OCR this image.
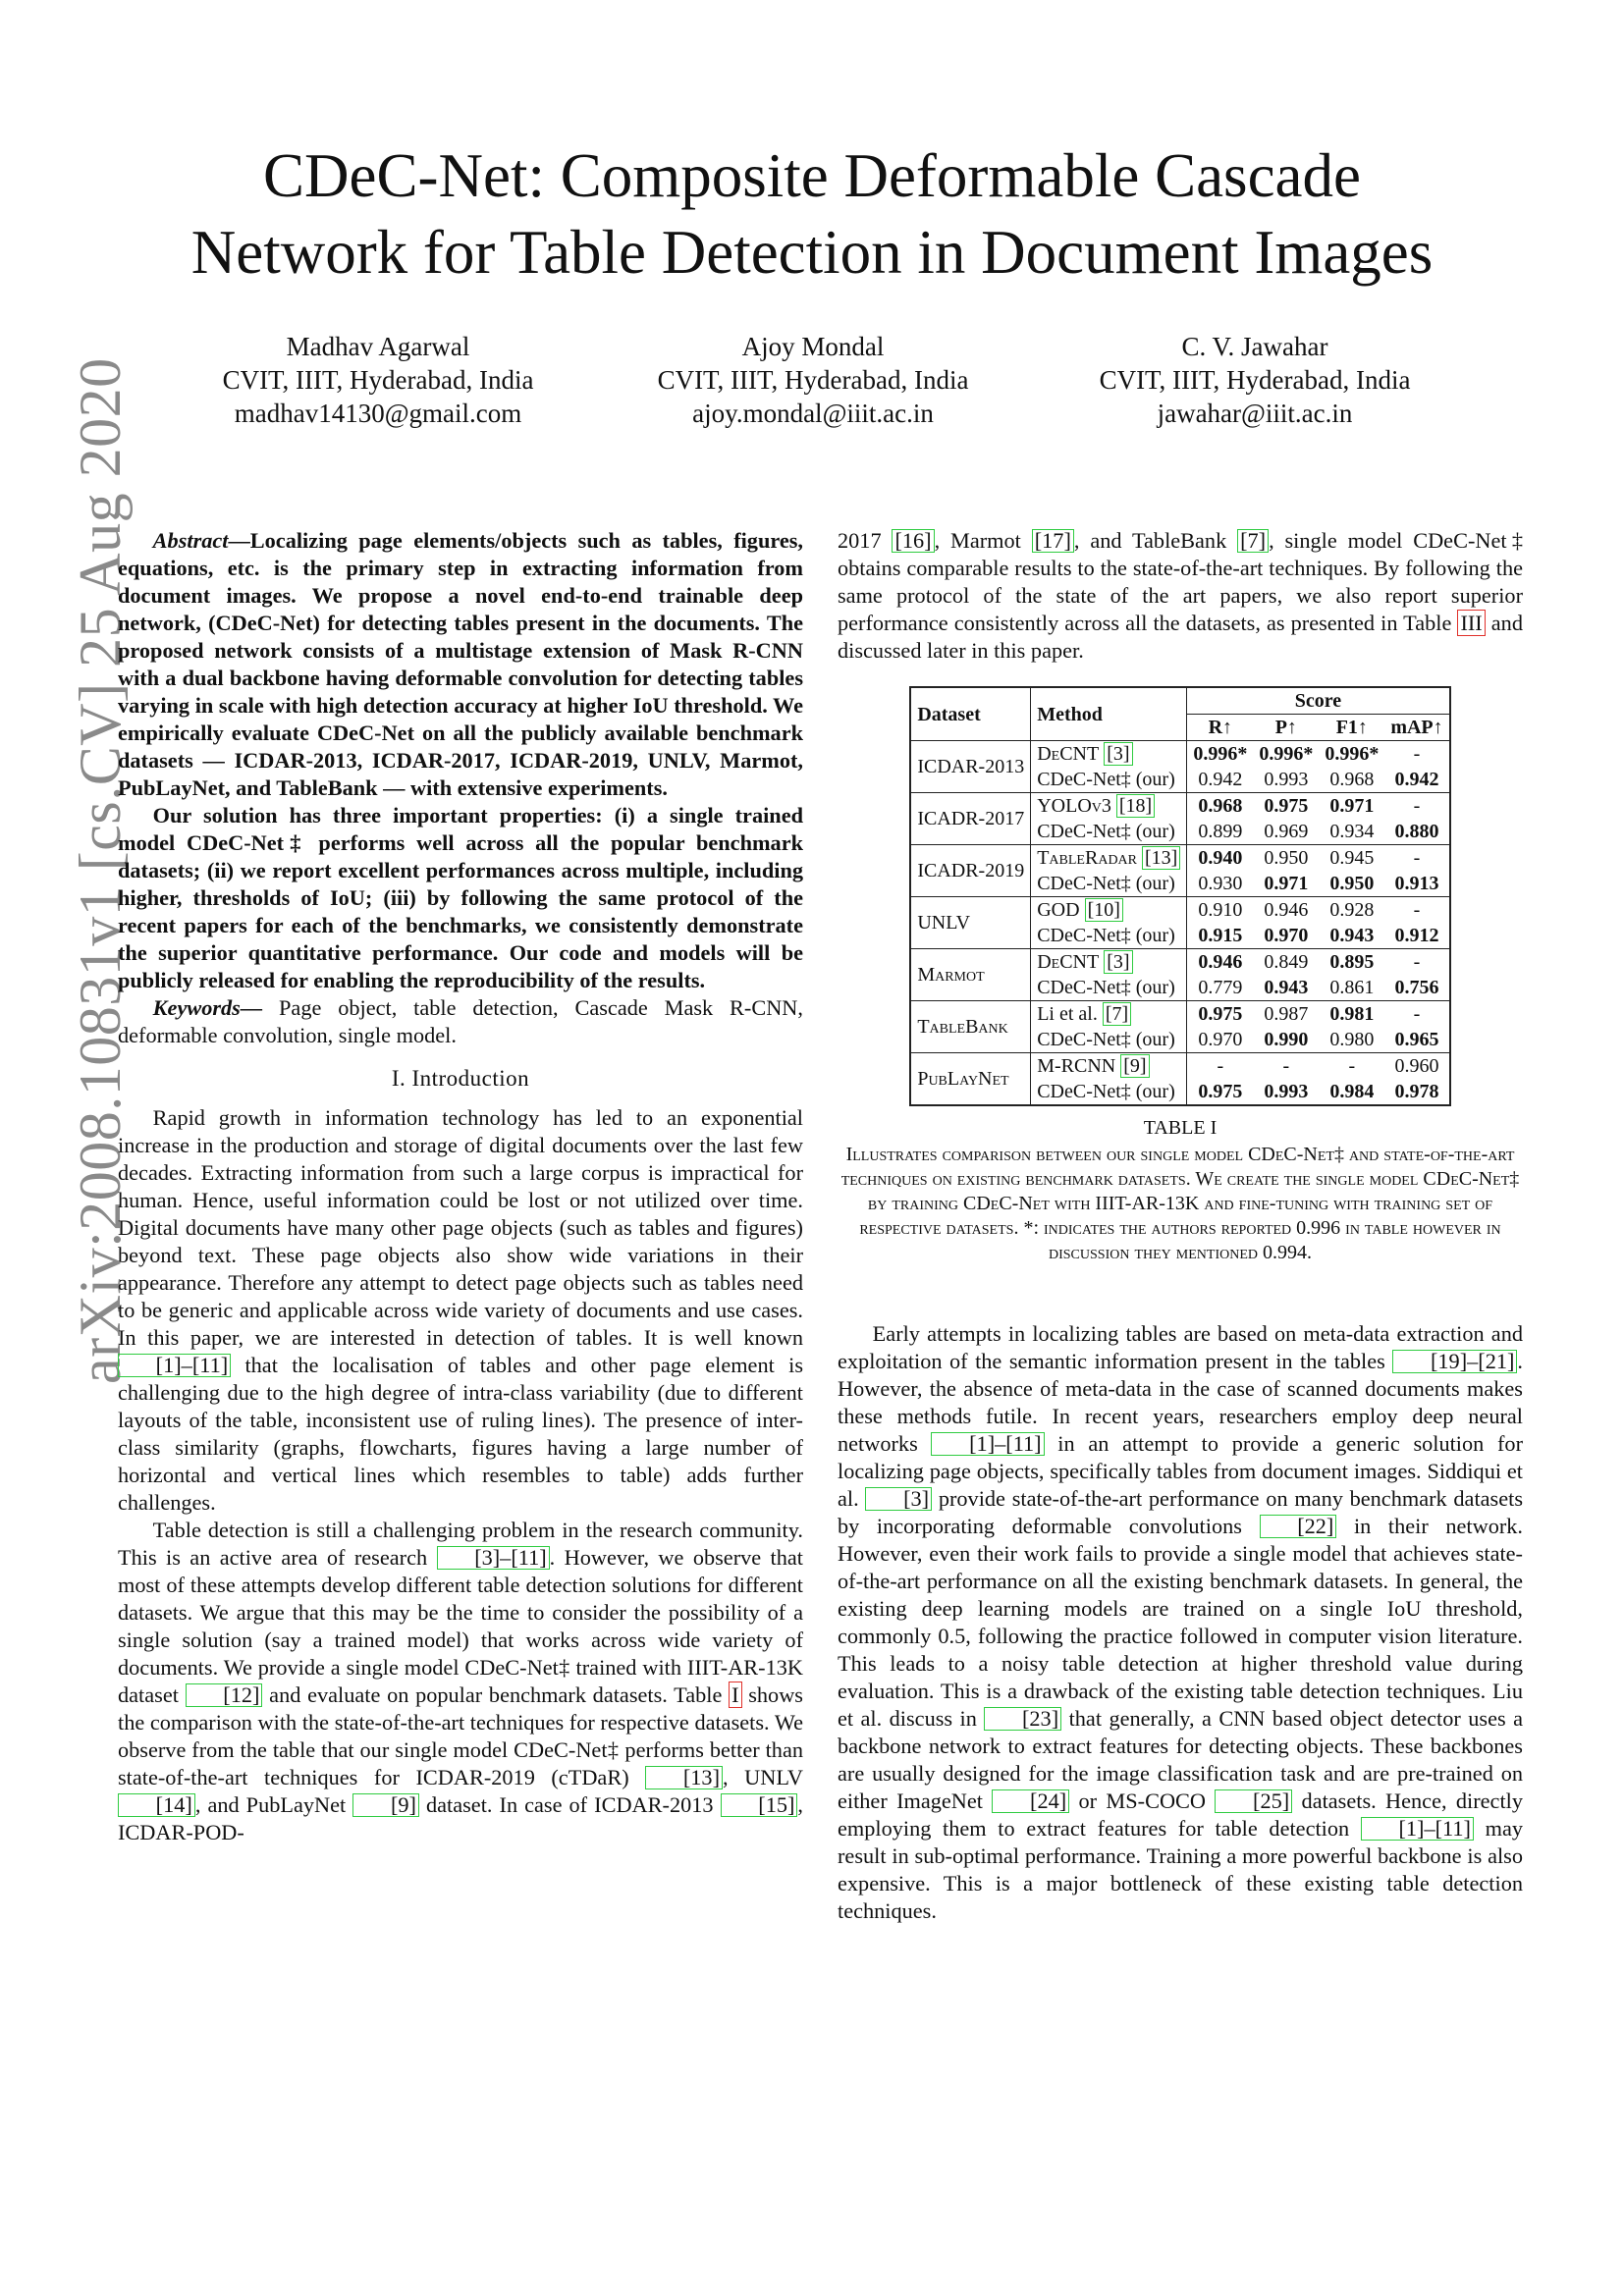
arXiv:2008.10831v1 [cs.CV] 25 Aug 2020
CDeC-Net: Composite Deformable Cascade
Network for Table Detection in Document Images
Madhav Agarwal
CVIT, IIIT, Hyderabad, India
madhav14130@gmail.com
Ajoy Mondal
CVIT, IIIT, Hyderabad, India
ajoy.mondal@iiit.ac.in
C. V. Jawahar
CVIT, IIIT, Hyderabad, India
jawahar@iiit.ac.in

Abstract—Localizing page elements/objects such as tables, figures, equations, etc. is the primary step in extracting information from document images. We propose a novel end-to-end trainable deep network, (CDeC-Net) for detecting tables present in the documents. The proposed network consists of a multistage extension of Mask R-CNN with a dual backbone having deformable convolution for detecting tables varying in scale with high detection accuracy at higher IoU threshold. We empirically evaluate CDeC-Net on all the publicly available benchmark datasets — ICDAR-2013, ICDAR-2017, ICDAR-2019, UNLV, Marmot, PubLayNet, and TableBank — with extensive experiments.

Our solution has three important properties: (i) a single trained model CDeC-Net‡ performs well across all the popular benchmark datasets; (ii) we report excellent performances across multiple, including higher, thresholds of IoU; (iii) by following the same protocol of the recent papers for each of the benchmarks, we consistently demonstrate the superior quantitative performance. Our code and models will be publicly released for enabling the reproducibility of the results.

Keywords— Page object, table detection, Cascade Mask R-CNN, deformable convolution, single model.

I. Introduction

Rapid growth in information technology has led to an exponential increase in the production and storage of digital documents over the last few decades. Extracting information from such a large corpus is impractical for human. Hence, useful information could be lost or not utilized over time. Digital documents have many other page objects (such as tables and figures) beyond text. These page objects also show wide variations in their appearance. Therefore any attempt to detect page objects such as tables need to be generic and applicable across wide variety of documents and use cases. In this paper, we are interested in detection of tables. It is well known [1]–[11] that the localisation of tables and other page element is challenging due to the high degree of intra-class variability (due to different layouts of the table, inconsistent use of ruling lines). The presence of inter-class similarity (graphs, flowcharts, figures having a large number of horizontal and vertical lines which resembles to table) adds further challenges.

Table detection is still a challenging problem in the research community. This is an active area of research [3]–[11] . However, we observe that most of these attempts develop different table detection solutions for different datasets. We argue that this may be the time to consider the possibility of a single solution (say a trained model) that works across wide variety of documents. We provide a single model CDeC-Net‡ trained with IIIT-AR-13K dataset [12] and evaluate on popular benchmark datasets. Table I shows the comparison with the state-of-the-art techniques for respective datasets. We observe from the table that our single model CDeC-Net‡ performs better than state-of-the-art techniques for ICDAR-2019 (cTDaR) [13] , UNLV [14] , and PubLayNet [9] dataset. In case of ICDAR-2013 [15] , ICDAR-POD-

2017 [16] , Marmot [17] , and TableBank [7] , single model CDeC-Net‡ obtains comparable results to the state-of-the-art techniques. By following the same protocol of the state of the art papers, we also report superior performance consistently across all the datasets, as presented in Table III and discussed later in this paper.

Dataset	Method	Score			
		R↑	P↑	F1↑	mAP↑
ICDAR-2013	DeCNT [3]	0.996*	0.996*	0.996*	-
	CDeC-Net‡ (our)	0.942	0.993	0.968	0.942
ICADR-2017	YOLOv3 [18]	0.968	0.975	0.971	-
	CDeC-Net‡ (our)	0.899	0.969	0.934	0.880
ICADR-2019	TableRadar [13]	0.940	0.950	0.945	-
	CDeC-Net‡ (our)	0.930	0.971	0.950	0.913
UNLV	GOD [10]	0.910	0.946	0.928	-
	CDeC-Net‡ (our)	0.915	0.970	0.943	0.912
Marmot	DeCNT [3]	0.946	0.849	0.895	-
	CDeC-Net‡ (our)	0.779	0.943	0.861	0.756
TableBank	Li et al. [7]	0.975	0.987	0.981	-
	CDeC-Net‡ (our)	0.970	0.990	0.980	0.965
PubLayNet	M-RCNN [9]	-	-	-	0.960
	CDeC-Net‡ (our)	0.975	0.993	0.984	0.978
TABLE I
Illustrates comparison between our single model CDeC-Net‡ and state-of-the-art techniques on existing benchmark datasets. We create the single model CDeC-Net‡ by training CDeC-Net with IIIT-AR-13K and fine-tuning with training set of respective datasets. *: indicates the authors reported 0.996 in table however in discussion they mentioned 0.994.

Early attempts in localizing tables are based on meta-data extraction and exploitation of the semantic information present in the tables [19]–[21] . However, the absence of meta-data in the case of scanned documents makes these methods futile. In recent years, researchers employ deep neural networks [1]–[11] in an attempt to provide a generic solution for localizing page objects, specifically tables from document images. Siddiqui et al. [3] provide state-of-the-art performance on many benchmark datasets by incorporating deformable convolutions [22] in their network. However, even their work fails to provide a single model that achieves state-of-the-art performance on all the existing benchmark datasets. In general, the existing deep learning models are trained on a single IoU threshold, commonly 0.5, following the practice followed in computer vision literature. This leads to a noisy table detection at higher threshold value during evaluation. This is a drawback of the existing table detection techniques. Liu et al. discuss in [23] that generally, a CNN based object detector uses a backbone network to extract features for detecting objects. These backbones are usually designed for the image classification task and are pre-trained on either ImageNet [24] or MS-COCO [25] datasets. Hence, directly employing them to extract features for table detection [1]–[11] may result in sub-optimal performance. Training a more powerful backbone is also expensive. This is a major bottleneck of these existing table detection techniques.
